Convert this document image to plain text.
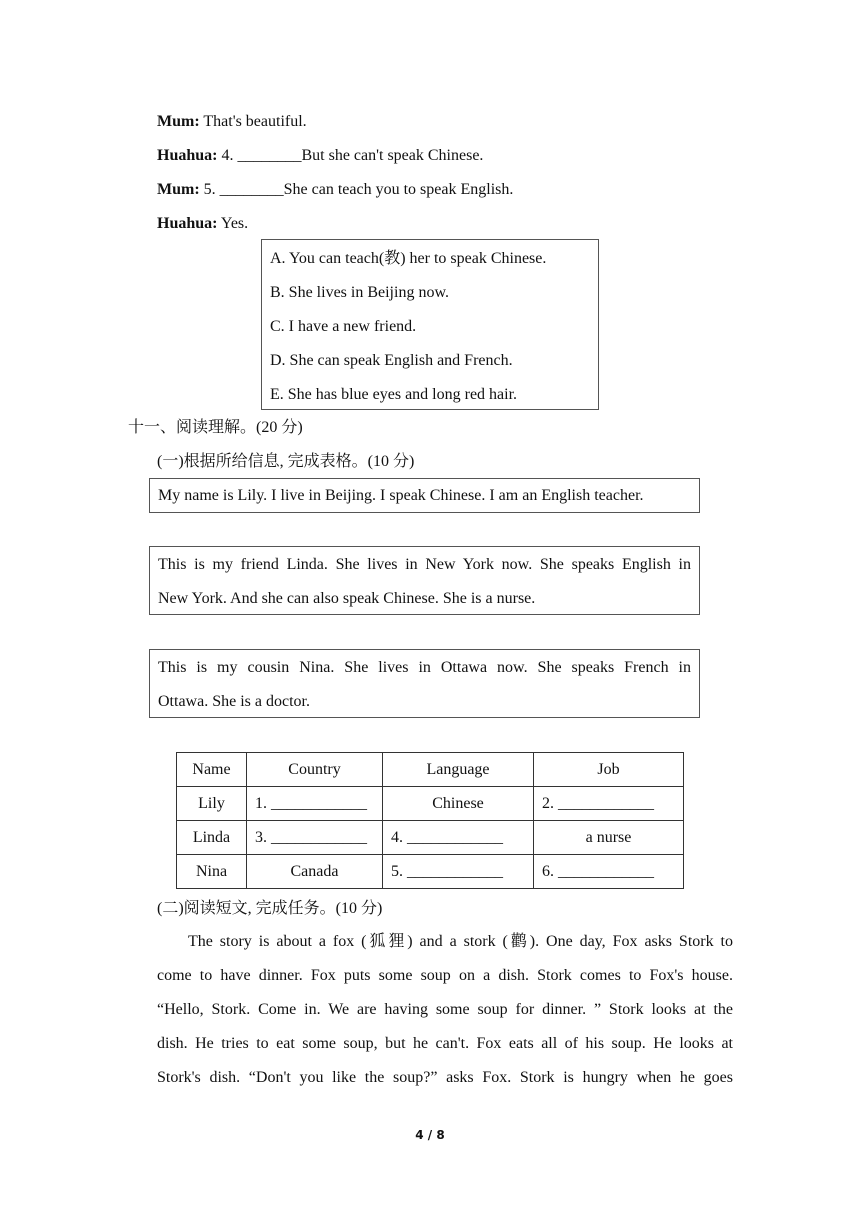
Mum: That's beautiful.
Huahua: 4. ________But she can't speak Chinese.
Mum: 5. ________She can teach you to speak English.
Huahua: Yes.
A. You can teach(教) her to speak Chinese.
B. She lives in Beijing now.
C. I have a new friend.
D. She can speak English and French.
E. She has blue eyes and long red hair.
十一、阅读理解。(20 分)
(一)根据所给信息, 完成表格。(10 分)
My name is Lily. I live in Beijing. I speak Chinese. I am an English teacher.
This is my friend Linda. She lives in New York now. She speaks English in
New York. And she can also speak Chinese. She is a nurse.
This is my cousin Nina. She lives in Ottawa now. She speaks French in
Ottawa. She is a doctor.
Name	Country	Language	Job
Lily	1. ____________	Chinese	2. ____________
Linda	3. ____________	4. ____________	a nurse
Nina	Canada	5. ____________	6. ____________
(二)阅读短文, 完成任务。(10 分)
The story is about a fox (狐狸) and a stork (鹳). One day, Fox asks Stork to
come to have dinner. Fox puts some soup on a dish. Stork comes to Fox's house.
“Hello, Stork. Come in. We are having some soup for dinner. ” Stork looks at the
dish. He tries to eat some soup, but he can't. Fox eats all of his soup. He looks at
Stork's dish. “Don't you like the soup?” asks Fox. Stork is hungry when he goes
4 / 8
